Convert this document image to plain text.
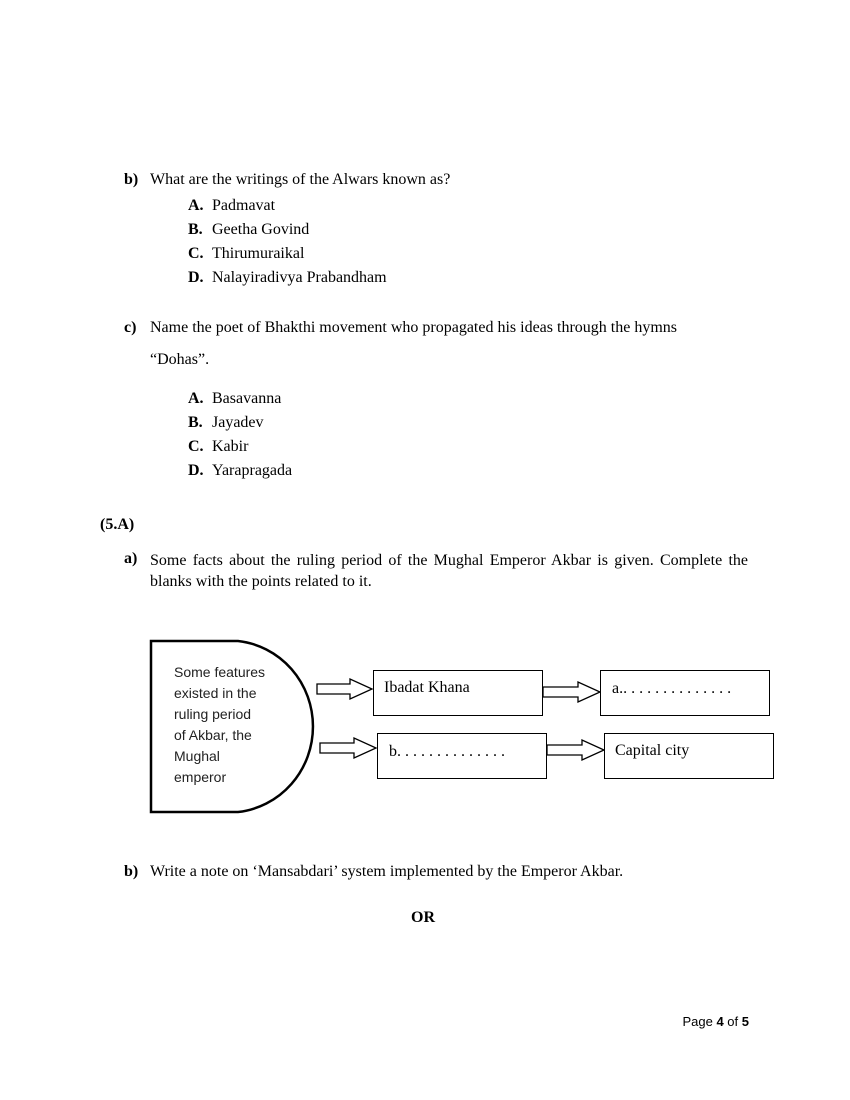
b) What are the writings of the Alwars known as?
A. Padmavat
B. Geetha Govind
C. Thirumuraikal
D. Nalayiradivya Prabandham
c) Name the poet of Bhakthi movement who propagated his ideas through the hymns
“Dohas”.
A. Basavanna
B. Jayadev
C. Kabir
D. Yarapragada
(5.A)
a) Some facts about the ruling period of the Mughal Emperor Akbar is given. Complete the blanks with the points related to it.
Some features
existed in the
ruling period
of Akbar, the
Mughal
emperor
Ibadat Khana	a.. . . . . . . . . . . . . .
b. . . . . . . . . . . . . .	Capital city
b) Write a note on ‘Mansabdari’ system implemented by the Emperor Akbar.
OR
Page 4 of 5
